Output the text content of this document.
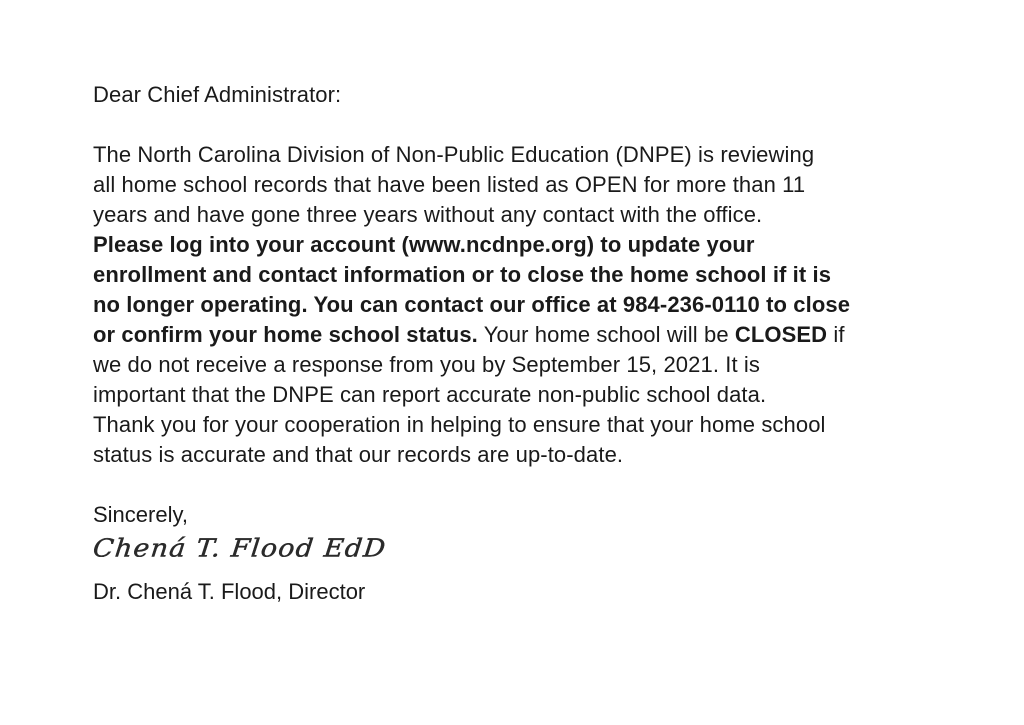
Dear Chief Administrator:
The North Carolina Division of Non-Public Education (DNPE) is reviewing
all home school records that have been listed as OPEN for more than 11
years and have gone three years without any contact with the office.
Please log into your account (www.ncdnpe.org) to update your
enrollment and contact information or to close the home school if it is
no longer operating. You can contact our office at 984-236-0110 to close
or confirm your home school status. Your home school will be CLOSED if
we do not receive a response from you by September 15, 2021. It is
important that the DNPE can report accurate non-public school data.
Thank you for your cooperation in helping to ensure that your home school
status is accurate and that our records are up-to-date.
Sincerely,
Chená T. Flood EdD
Dr. Chená T. Flood, Director
